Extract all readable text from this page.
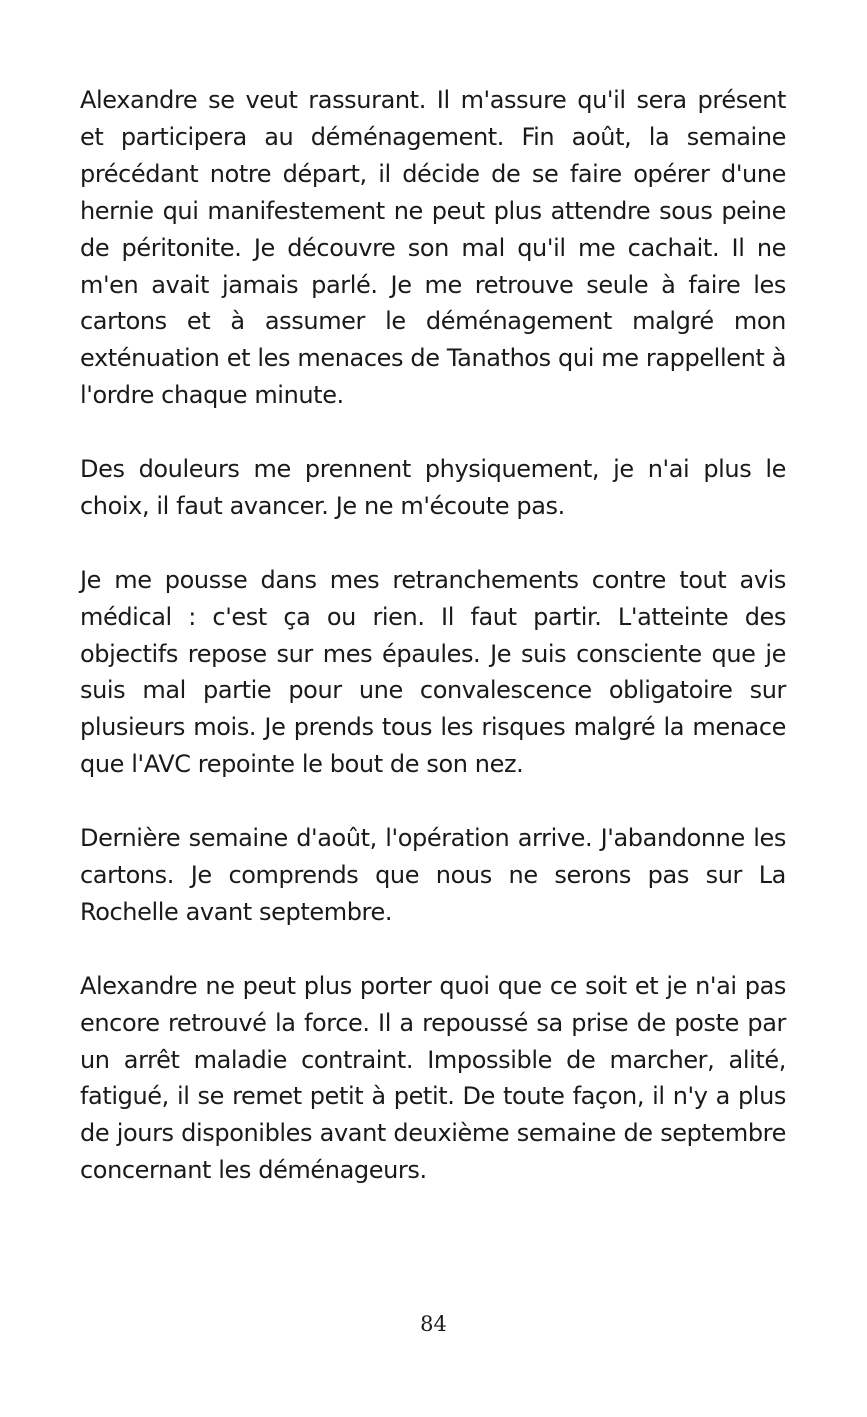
Alexandre se veut rassurant. Il m'assure qu'il sera présent et participera au déménagement. Fin août, la semaine précédant notre départ, il décide de se faire opérer d'une hernie qui manifestement ne peut plus attendre sous peine de péritonite. Je découvre son mal qu'il me cachait. Il ne m'en avait jamais parlé. Je me retrouve seule à faire les cartons et à assumer le déménagement malgré mon exténuation et les menaces de Tanathos qui me rappellent à l'ordre chaque minute.

Des douleurs me prennent physiquement, je n'ai plus le choix, il faut avancer. Je ne m'écoute pas.

Je me pousse dans mes retranchements contre tout avis médical : c'est ça ou rien. Il faut partir. L'atteinte des objectifs repose sur mes épaules. Je suis consciente que je suis mal partie pour une convalescence obligatoire sur plusieurs mois. Je prends tous les risques malgré la menace que l'AVC repointe le bout de son nez.

Dernière semaine d'août, l'opération arrive. J'abandonne les cartons. Je comprends que nous ne serons pas sur La Rochelle avant septembre.

Alexandre ne peut plus porter quoi que ce soit et je n'ai pas encore retrouvé la force. Il a repoussé sa prise de poste par un arrêt maladie contraint. Impossible de marcher, alité, fatigué, il se remet petit à petit. De toute façon, il n'y a plus de jours disponibles avant deuxième semaine de septembre concernant les déménageurs.

84
